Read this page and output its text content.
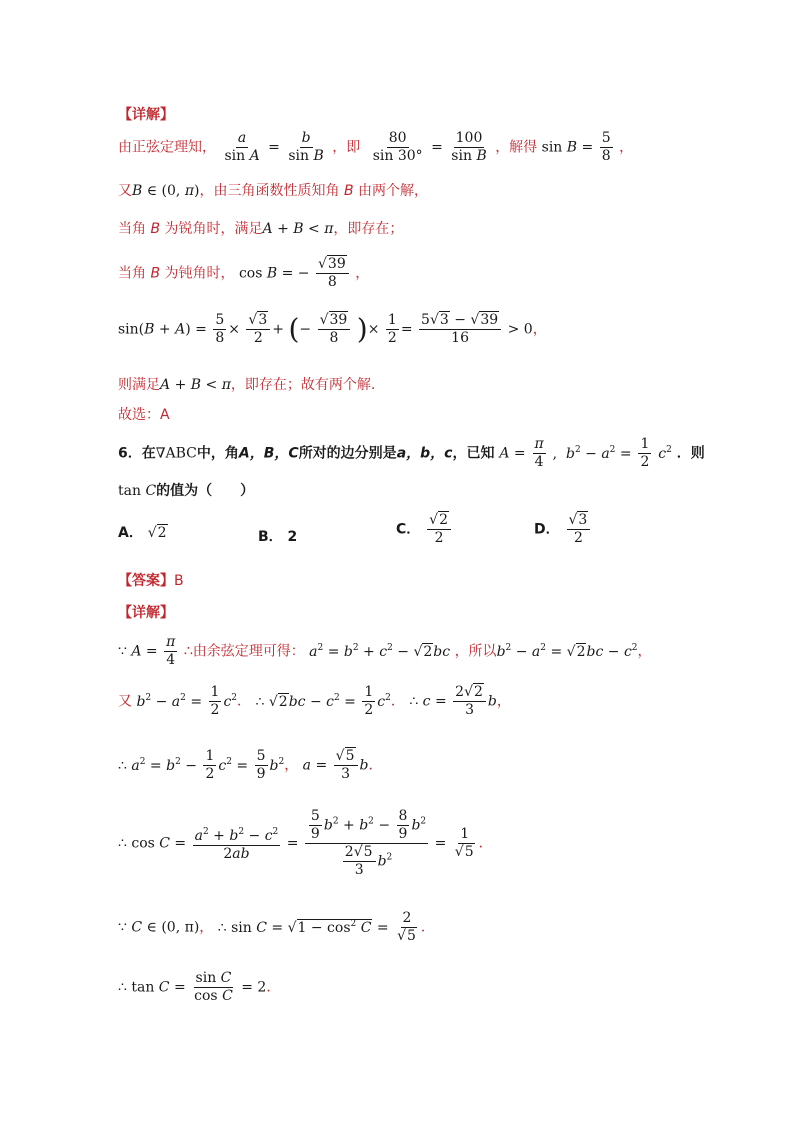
【详解】
由正弦定理知， $\frac{a}{\text{sin A}} = \frac{b}{\text{sin B}}$ ，即 $\frac{80}{\sin 30^\circ} = \frac{100}{\text{sin B}}$ ，解得 $\sin B = \frac{5}{8}$ ，
又B ∈ (0, π)，由三角函数性质知角 B 由两个解，
当角 B 为锐角时，满足A + B < π，即存在；
当角 B 为钝角时， cos B = − $\frac{√39}{8}$ ，
$\sin(B + A) = \frac{5}{8} \times \frac{√3}{2}$ + (− $\frac{√39}{8}$ )× $\frac{1}{2} = \frac{5√3 - √39}{16} > 0$，
则满足A + B < π，即存在；故有两个解.
故选：A
6．在∇ABC中，角A，B，C所对的边分别是a，b，c，已知 $A = \frac{\pi}{4}$ ,  $b^2 - a^2 = \frac{1}{2} c^2$ ．则
tan C的值为（　　）
A． √2	B． 2	C． $\frac{√2}{2}$	D． $\frac{√3}{2}$
【答案】B
【详解】
∵ $A = \frac{\pi}{4}$ ∴由余弦定理可得： $a^2 = b^2 + c^2 - √2bc$ ，所以$b^2 - a^2 = √2bc - c^2$，
又 $b^2 - a^2 = \frac{1}{2} c^2$． ∴ $√2bc - c^2 = \frac{1}{2} c^2$． ∴ $c = \frac{2√2}{3}$ b，
∴ $a^2 = b^2 - \frac{1}{2} c^2 = \frac{5}{9} b^2$， $a = \frac{√5}{3}$ b．
∴ $\cos C = \frac{a^2 + b^2 - c^2}{2ab} = \frac{\frac{5}{9} b^2 + b^2 - \frac{8}{9} b^2}{\frac{2√5}{3} b^2} = \frac{1}{√5}$ ．
∵ C ∈ (0, π)， ∴ $\sin C = √1 - \cos^2 C = \frac{2}{√5}$ ．
∴ $\tan C = \frac{\text{sin C}}{\text{cos C}} = 2$．
